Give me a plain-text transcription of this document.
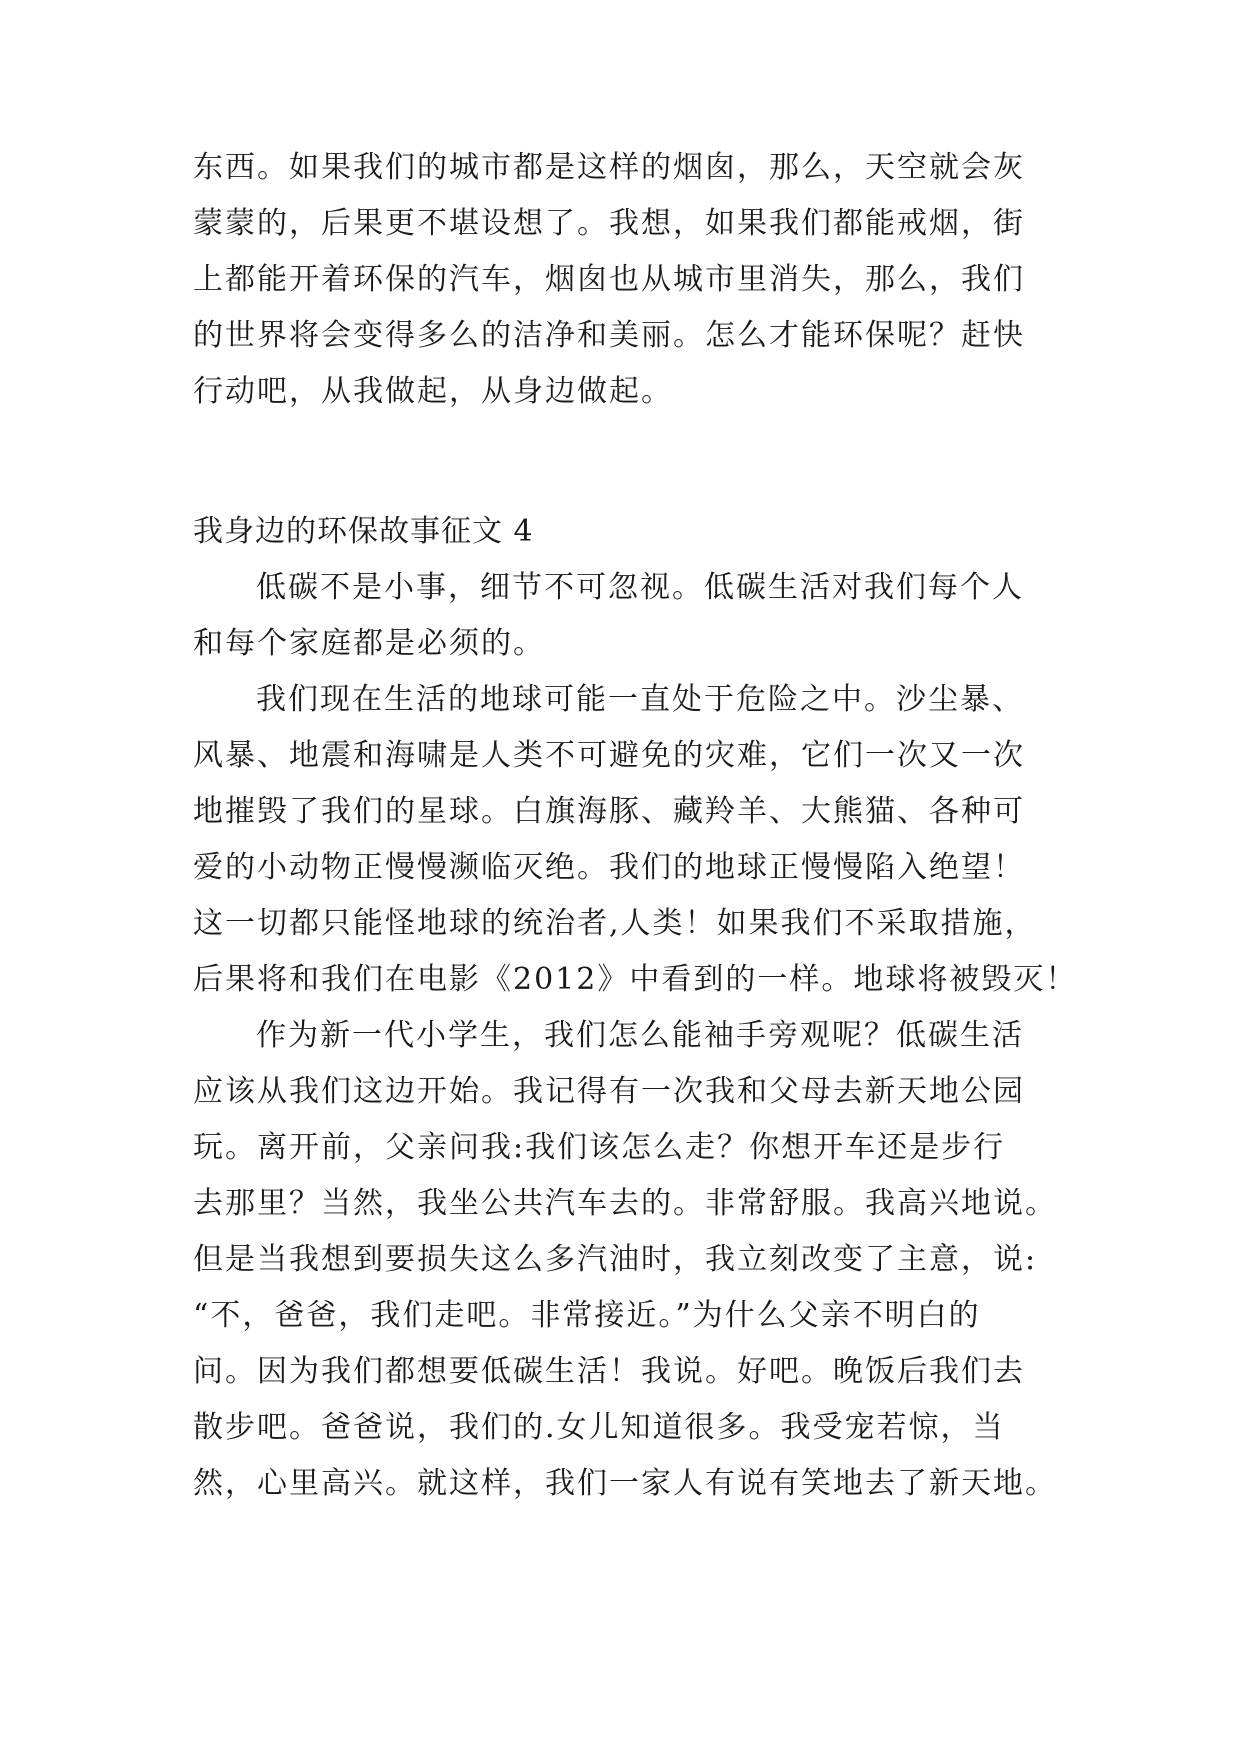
东西。如果我们的城市都是这样的烟囱，那么，天空就会灰
蒙蒙的，后果更不堪设想了。我想，如果我们都能戒烟，街
上都能开着环保的汽车，烟囱也从城市里消失，那么，我们
的世界将会变得多么的洁净和美丽。怎么才能环保呢？赶快
行动吧，从我做起，从身边做起。
我身边的环保故事征文 4
低碳不是小事，细节不可忽视。低碳生活对我们每个人
和每个家庭都是必须的。
我们现在生活的地球可能一直处于危险之中。沙尘暴、
风暴、地震和海啸是人类不可避免的灾难，它们一次又一次
地摧毁了我们的星球。白旗海豚、藏羚羊、大熊猫、各种可
爱的小动物正慢慢濒临灭绝。我们的地球正慢慢陷入绝望！
这一切都只能怪地球的统治者,人类！如果我们不采取措施，
后果将和我们在电影《2012》中看到的一样。地球将被毁灭！
作为新一代小学生，我们怎么能袖手旁观呢？低碳生活
应该从我们这边开始。我记得有一次我和父母去新天地公园
玩。离开前，父亲问我:我们该怎么走？你想开车还是步行
去那里？当然，我坐公共汽车去的。非常舒服。我高兴地说。
但是当我想到要损失这么多汽油时，我立刻改变了主意，说:
“不，爸爸，我们走吧。非常接近。”为什么父亲不明白的
问。因为我们都想要低碳生活！我说。好吧。晚饭后我们去
散步吧。爸爸说，我们的.女儿知道很多。我受宠若惊，当
然，心里高兴。就这样，我们一家人有说有笑地去了新天地。
